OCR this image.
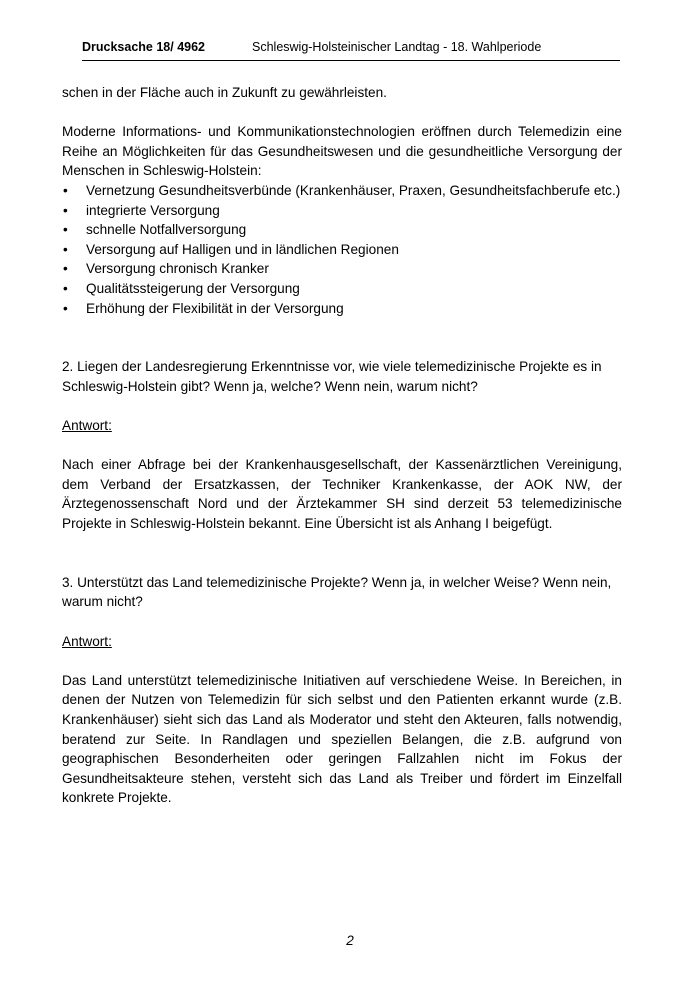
Drucksache 18/ 4962	Schleswig-Holsteinischer Landtag - 18. Wahlperiode

schen in der Fläche auch in Zukunft zu gewährleisten.

Moderne Informations- und Kommunikationstechnologien eröffnen durch Telemedizin eine Reihe an Möglichkeiten für das Gesundheitswesen und die gesundheitliche Versorgung der Menschen in Schleswig-Holstein:

• Vernetzung Gesundheitsverbünde (Krankenhäuser, Praxen, Gesundheitsfachberufe etc.)
• integrierte Versorgung
• schnelle Notfallversorgung
• Versorgung auf Halligen und in ländlichen Regionen
• Versorgung chronisch Kranker
• Qualitätssteigerung der Versorgung
• Erhöhung der Flexibilität in der Versorgung

2. Liegen der Landesregierung Erkenntnisse vor, wie viele telemedizinische Projekte es in Schleswig-Holstein gibt? Wenn ja, welche? Wenn nein, warum nicht?

Antwort:

Nach einer Abfrage bei der Krankenhausgesellschaft, der Kassenärztlichen Vereinigung, dem Verband der Ersatzkassen, der Techniker Krankenkasse, der AOK NW, der Ärztegenossenschaft Nord und der Ärztekammer SH sind derzeit 53 telemedizinische Projekte in Schleswig-Holstein bekannt. Eine Übersicht ist als Anhang I beigefügt.

3. Unterstützt das Land telemedizinische Projekte? Wenn ja, in welcher Weise? Wenn nein, warum nicht?

Antwort:

Das Land unterstützt telemedizinische Initiativen auf verschiedene Weise. In Bereichen, in denen der Nutzen von Telemedizin für sich selbst und den Patienten erkannt wurde (z.B. Krankenhäuser) sieht sich das Land als Moderator und steht den Akteuren, falls notwendig, beratend zur Seite. In Randlagen und speziellen Belangen, die z.B. aufgrund von geographischen Besonderheiten oder geringen Fallzahlen nicht im Fokus der Gesundheitsakteure stehen, versteht sich das Land als Treiber und fördert im Einzelfall konkrete Projekte.

2
